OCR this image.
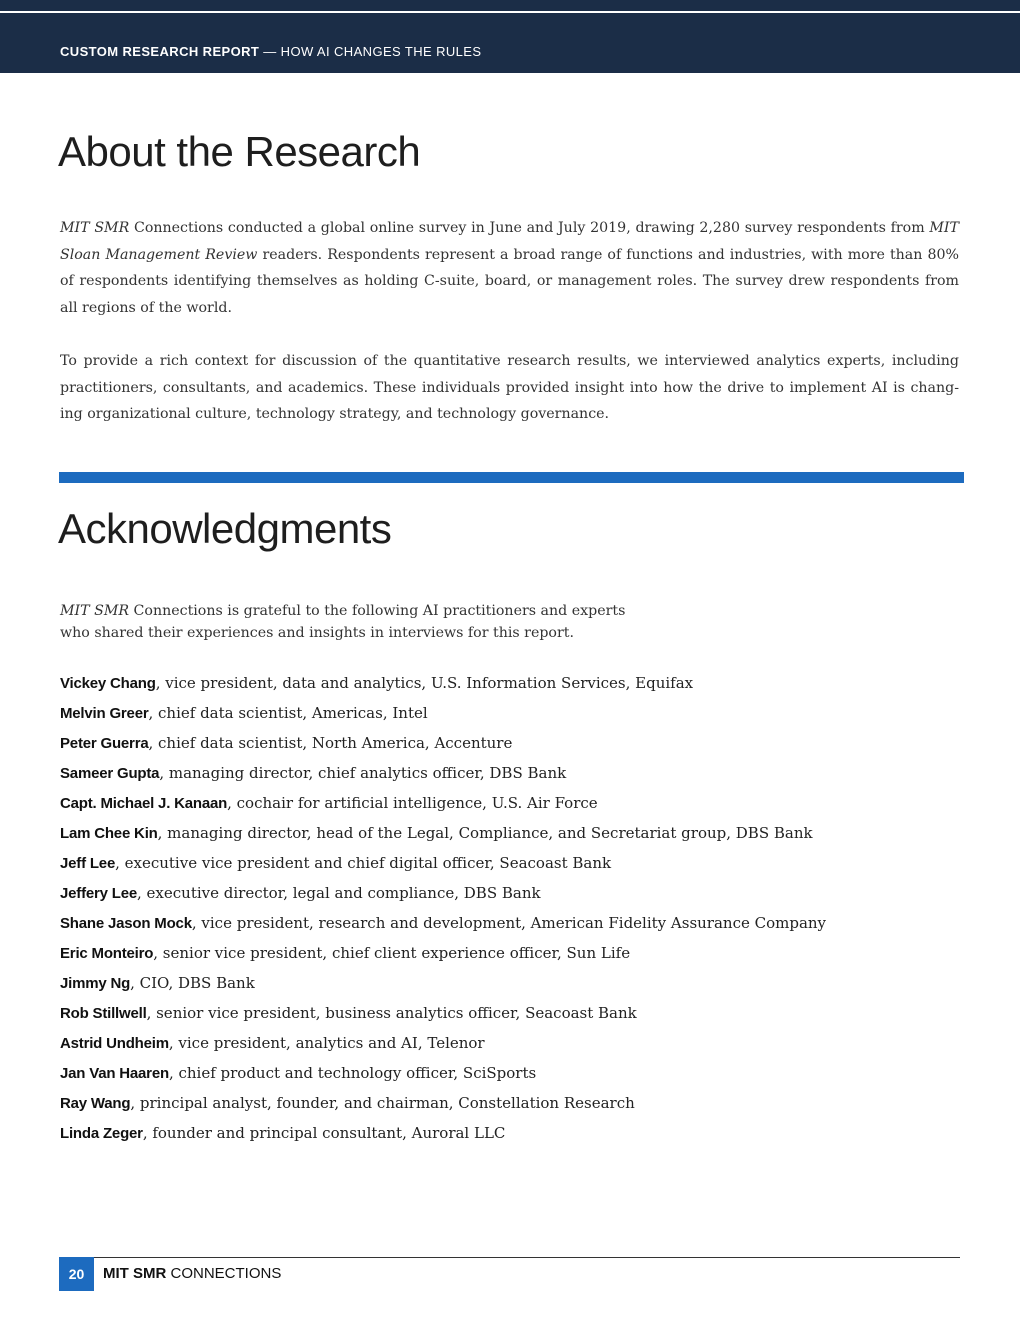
CUSTOM RESEARCH REPORT — HOW AI CHANGES THE RULES
About the Research

MIT SMR Connections conducted a global online survey in June and July 2019, drawing 2,280 survey respondents from MIT Sloan Management Review readers. Respondents represent a broad range of functions and industries, with more than 80% of respondents identifying themselves as holding C-suite, board, or management roles. The survey drew respondents from all regions of the world.

To provide a rich context for discussion of the quantitative research results, we interviewed analytics experts, including practitioners, consultants, and academics. These individuals provided insight into how the drive to implement AI is chang-ing organizational culture, technology strategy, and technology governance.

Acknowledgments

MIT SMR Connections is grateful to the following AI practitioners and experts
who shared their experiences and insights in interviews for this report.

Vickey Chang, vice president, data and analytics, U.S. Information Services, Equifax
Melvin Greer, chief data scientist, Americas, Intel
Peter Guerra, chief data scientist, North America, Accenture
Sameer Gupta, managing director, chief analytics officer, DBS Bank
Capt. Michael J. Kanaan, cochair for artificial intelligence, U.S. Air Force
Lam Chee Kin, managing director, head of the Legal, Compliance, and Secretariat group, DBS Bank
Jeff Lee, executive vice president and chief digital officer, Seacoast Bank
Jeffery Lee, executive director, legal and compliance, DBS Bank
Shane Jason Mock, vice president, research and development, American Fidelity Assurance Company
Eric Monteiro, senior vice president, chief client experience officer, Sun Life
Jimmy Ng, CIO, DBS Bank
Rob Stillwell, senior vice president, business analytics officer, Seacoast Bank
Astrid Undheim, vice president, analytics and AI, Telenor
Jan Van Haaren, chief product and technology officer, SciSports
Ray Wang, principal analyst, founder, and chairman, Constellation Research
Linda Zeger, founder and principal consultant, Auroral LLC
20	MIT SMR CONNECTIONS
